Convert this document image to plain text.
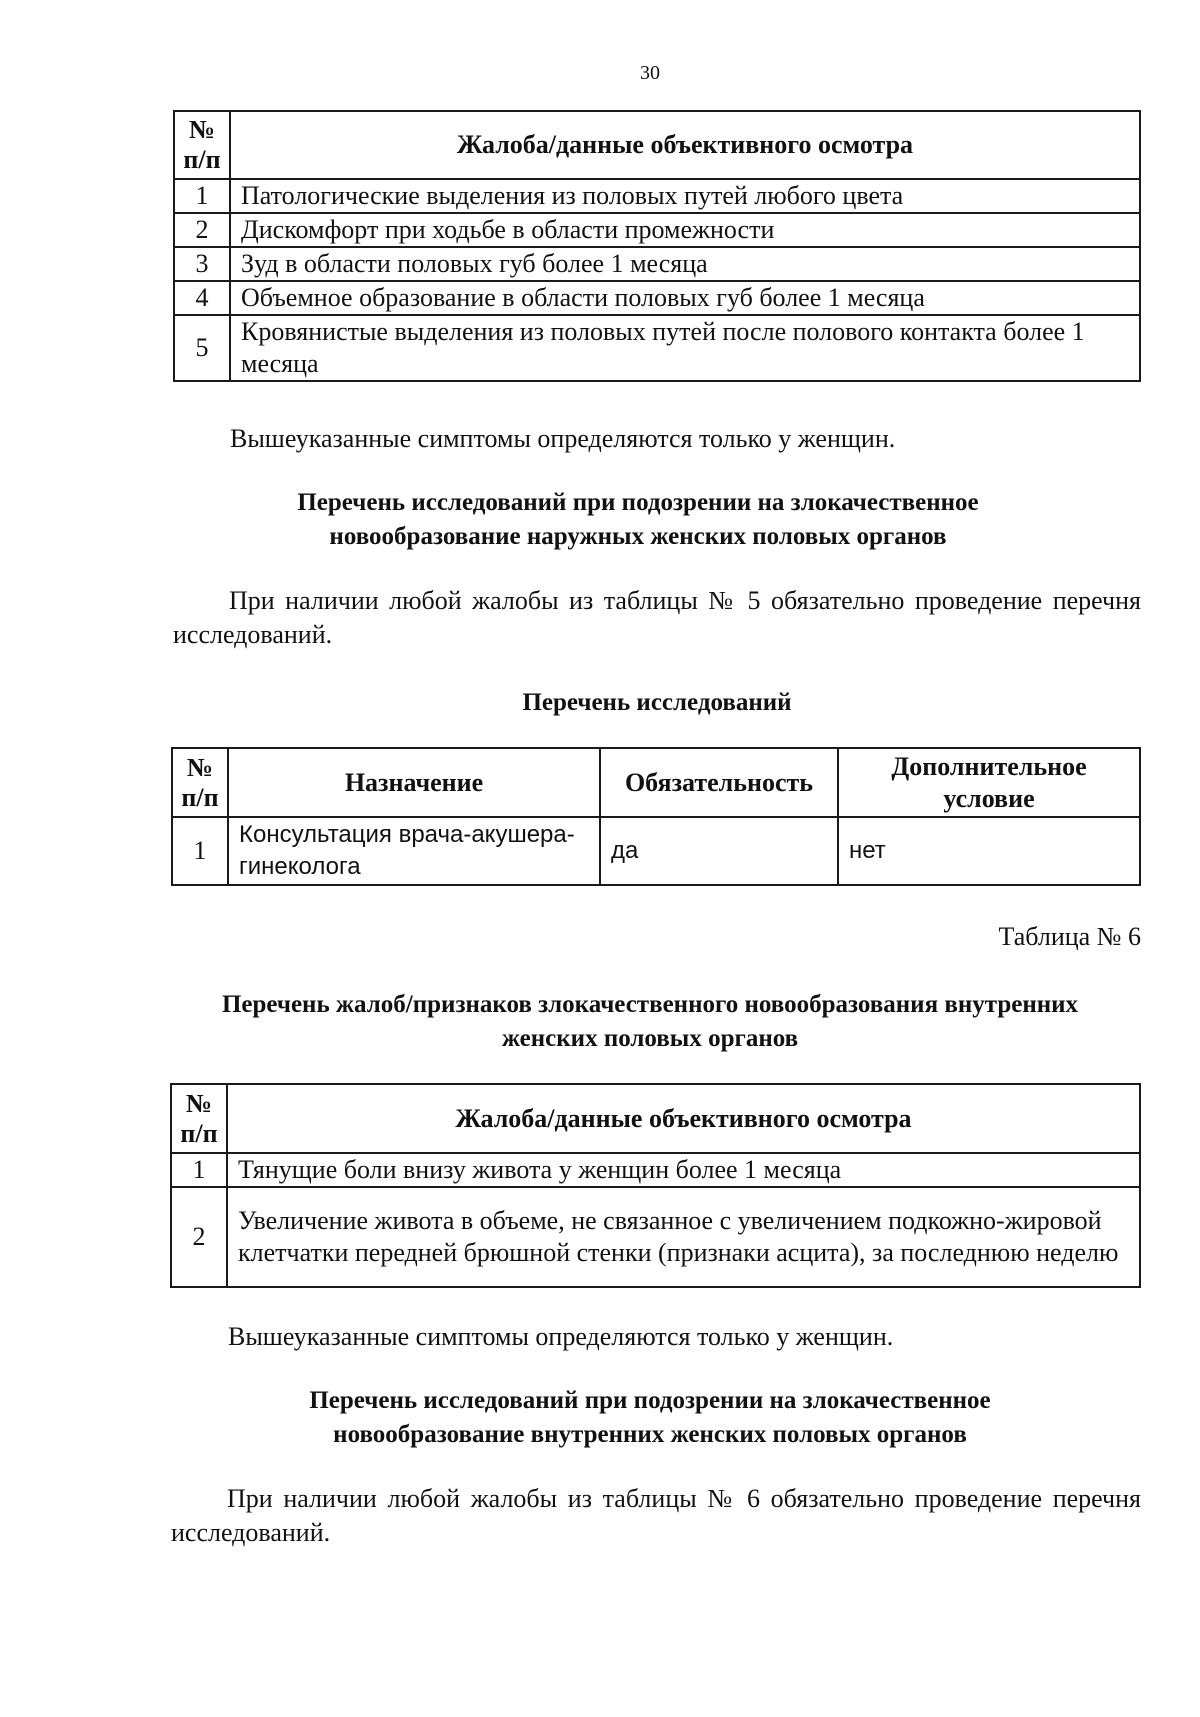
30
№ п/п	Жалоба/данные объективного осмотра
1	Патологические выделения из половых путей любого цвета
2	Дискомфорт при ходьбе в области промежности
3	Зуд в области половых губ более 1 месяца
4	Объемное образование в области половых губ более 1 месяца
5	Кровянистые выделения из половых путей после полового контакта более 1 месяца
Вышеуказанные симптомы определяются только у женщин.
Перечень исследований при подозрении на злокачественное новообразование наружных женских половых органов
При наличии любой жалобы из таблицы № 5 обязательно проведение перечня исследований.
Перечень исследований
№ п/п	Назначение	Обязательность	Дополнительное условие
1	Консультация врача-акушера-гинеколога	да	нет
Таблица № 6
Перечень жалоб/признаков злокачественного новообразования внутренних женских половых органов
№ п/п	Жалоба/данные объективного осмотра
1	Тянущие боли внизу живота у женщин более 1 месяца
2	Увеличение живота в объеме, не связанное с увеличением подкожно-жировой клетчатки передней брюшной стенки (признаки асцита), за последнюю неделю
Вышеуказанные симптомы определяются только у женщин.
Перечень исследований при подозрении на злокачественное новообразование внутренних женских половых органов
При наличии любой жалобы из таблицы № 6 обязательно проведение перечня исследований.
